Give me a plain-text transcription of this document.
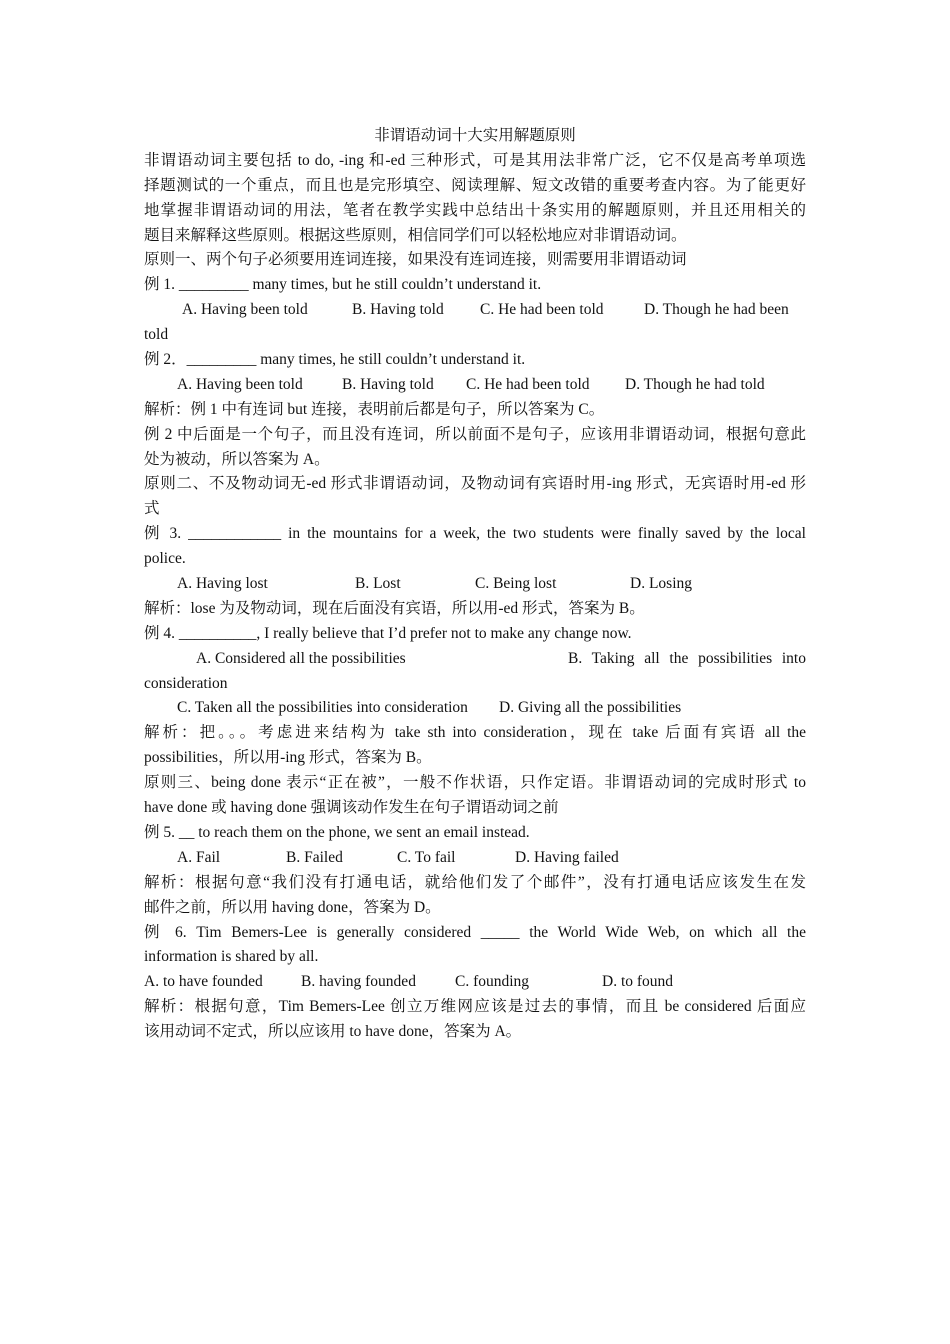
非谓语动词十大实用解题原则
非谓语动词主要包括 to do, -ing 和-ed 三种形式，可是其用法非常广泛，它不仅是高考单项选
择题测试的一个重点，而且也是完形填空、阅读理解、短文改错的重要考查内容。为了能更好
地掌握非谓语动词的用法，笔者在教学实践中总结出十条实用的解题原则，并且还用相关的
题目来解释这些原则。根据这些原则，相信同学们可以轻松地应对非谓语动词。
原则一、两个句子必须要用连词连接，如果没有连词连接，则需要用非谓语动词
例 1. _________ many times, but he still couldn’t understand it.
A. Having been told	B. Having told C. He had been told	D. Though he had been
told
例 2．_________ many times, he still couldn’t understand it.
A. Having been told	B. Having told C. He had been told D. Though he had told
解析：例 1 中有连词 but 连接，表明前后都是句子，所以答案为 C。
例 2 中后面是一个句子，而且没有连词，所以前面不是句子，应该用非谓语动词，根据句意此
处为被动，所以答案为 A。
原则二、不及物动词无-ed 形式非谓语动词，及物动词有宾语时用-ing 形式，无宾语时用-ed 形
式
例 3. ____________ in the mountains for a week, the two students were finally saved by the local
police.
A. Having lost	B. Lost	C. Being lost	D. Losing
解析：lose 为及物动词，现在后面没有宾语，所以用-ed 形式，答案为 B。
例 4. __________, I really believe that I’d prefer not to make any change now.
A. Considered all the possibilities	B. Taking all the possibilities into
consideration
C. Taken all the possibilities into consideration D. Giving all the possibilities
解析：把。。。考虑进来结构为 take sth into consideration，现在 take 后面有宾语 all the
possibilities，所以用-ing 形式，答案为 B。
原则三、being done 表示“正在被”，一般不作状语，只作定语。非谓语动词的完成时形式 to
have done 或 having done 强调该动作发生在句子谓语动词之前
例 5. __ to reach them on the phone, we sent an email instead.
A. Fail	B. Failed	C. To fail	D. Having failed
解析：根据句意“我们没有打通电话，就给他们发了个邮件”，没有打通电话应该发生在发
邮件之前，所以用 having done，答案为 D。
例 6. Tim Bemers-Lee is generally considered _____ the World Wide Web, on which all the
information is shared by all.
A. to have founded B. having founded	C. founding	D. to found
解析：根据句意，Tim Bemers-Lee 创立万维网应该是过去的事情，而且 be considered 后面应
该用动词不定式，所以应该用 to have done，答案为 A。
